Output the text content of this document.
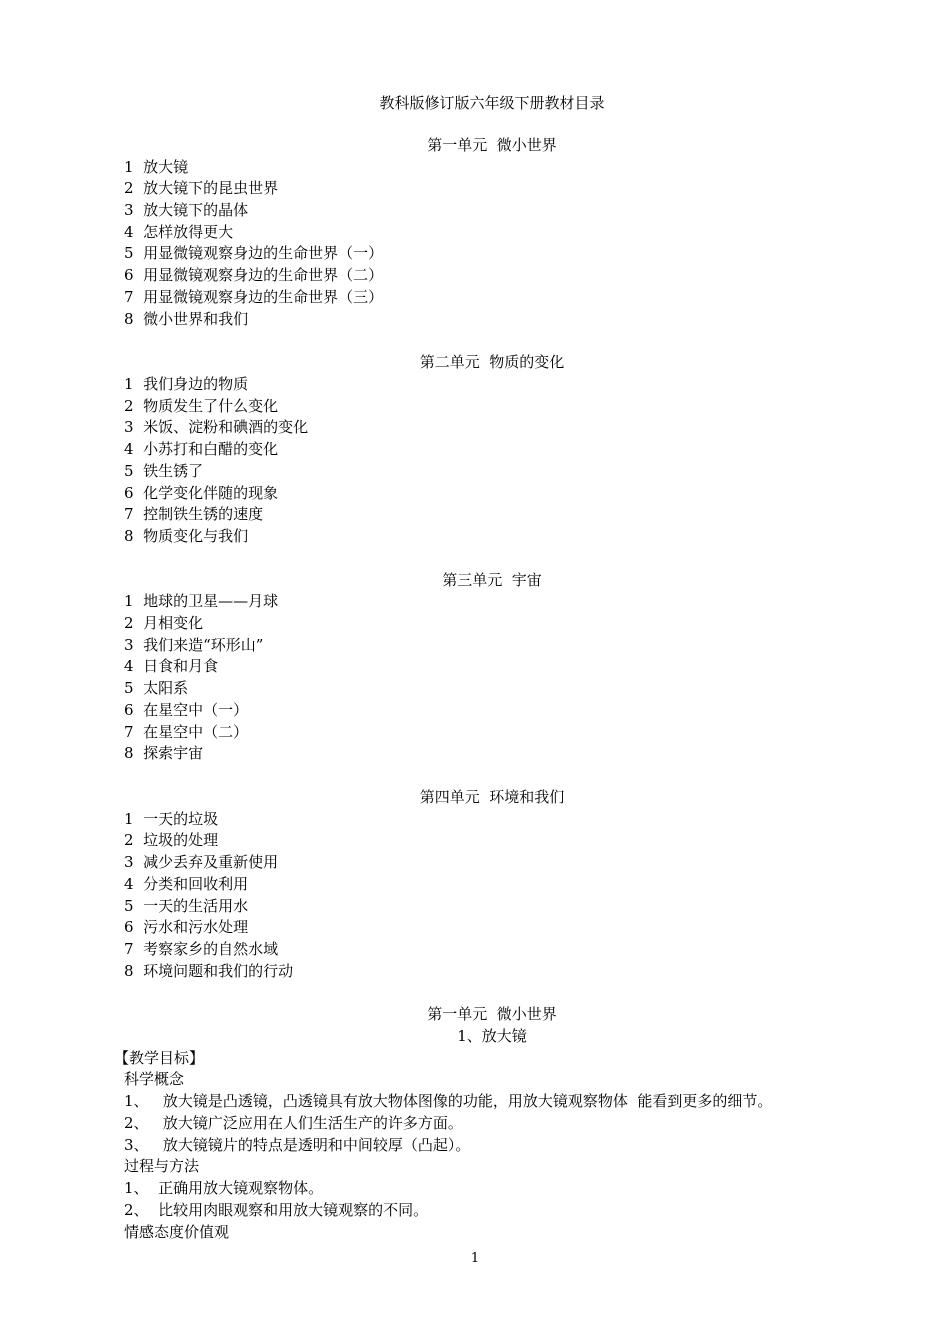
教科版修订版六年级下册教材目录
第一单元  微小世界
1  放大镜
2  放大镜下的昆虫世界
3  放大镜下的晶体
4  怎样放得更大
5  用显微镜观察身边的生命世界（一）
6  用显微镜观察身边的生命世界（二）
7  用显微镜观察身边的生命世界（三）
8  微小世界和我们
第二单元  物质的变化
1  我们身边的物质
2  物质发生了什么变化
3  米饭、淀粉和碘酒的变化
4  小苏打和白醋的变化
5  铁生锈了
6  化学变化伴随的现象
7  控制铁生锈的速度
8  物质变化与我们
第三单元  宇宙
1  地球的卫星——月球
2  月相变化
3  我们来造“环形山”
4  日食和月食
5  太阳系
6  在星空中（一）
7  在星空中（二）
8  探索宇宙
第四单元  环境和我们
1  一天的垃圾
2  垃圾的处理
3  减少丢弃及重新使用
4  分类和回收利用
5  一天的生活用水
6  污水和污水处理
7  考察家乡的自然水域
8  环境问题和我们的行动
第一单元  微小世界
1、放大镜
【教学目标】
科学概念
1、   放大镜是凸透镜，凸透镜具有放大物体图像的功能，用放大镜观察物体  能看到更多的细节。
2、   放大镜广泛应用在人们生活生产的许多方面。
3、   放大镜镜片的特点是透明和中间较厚（凸起）。
过程与方法
1、  正确用放大镜观察物体。
2、  比较用肉眼观察和用放大镜观察的不同。
情感态度价值观
1
